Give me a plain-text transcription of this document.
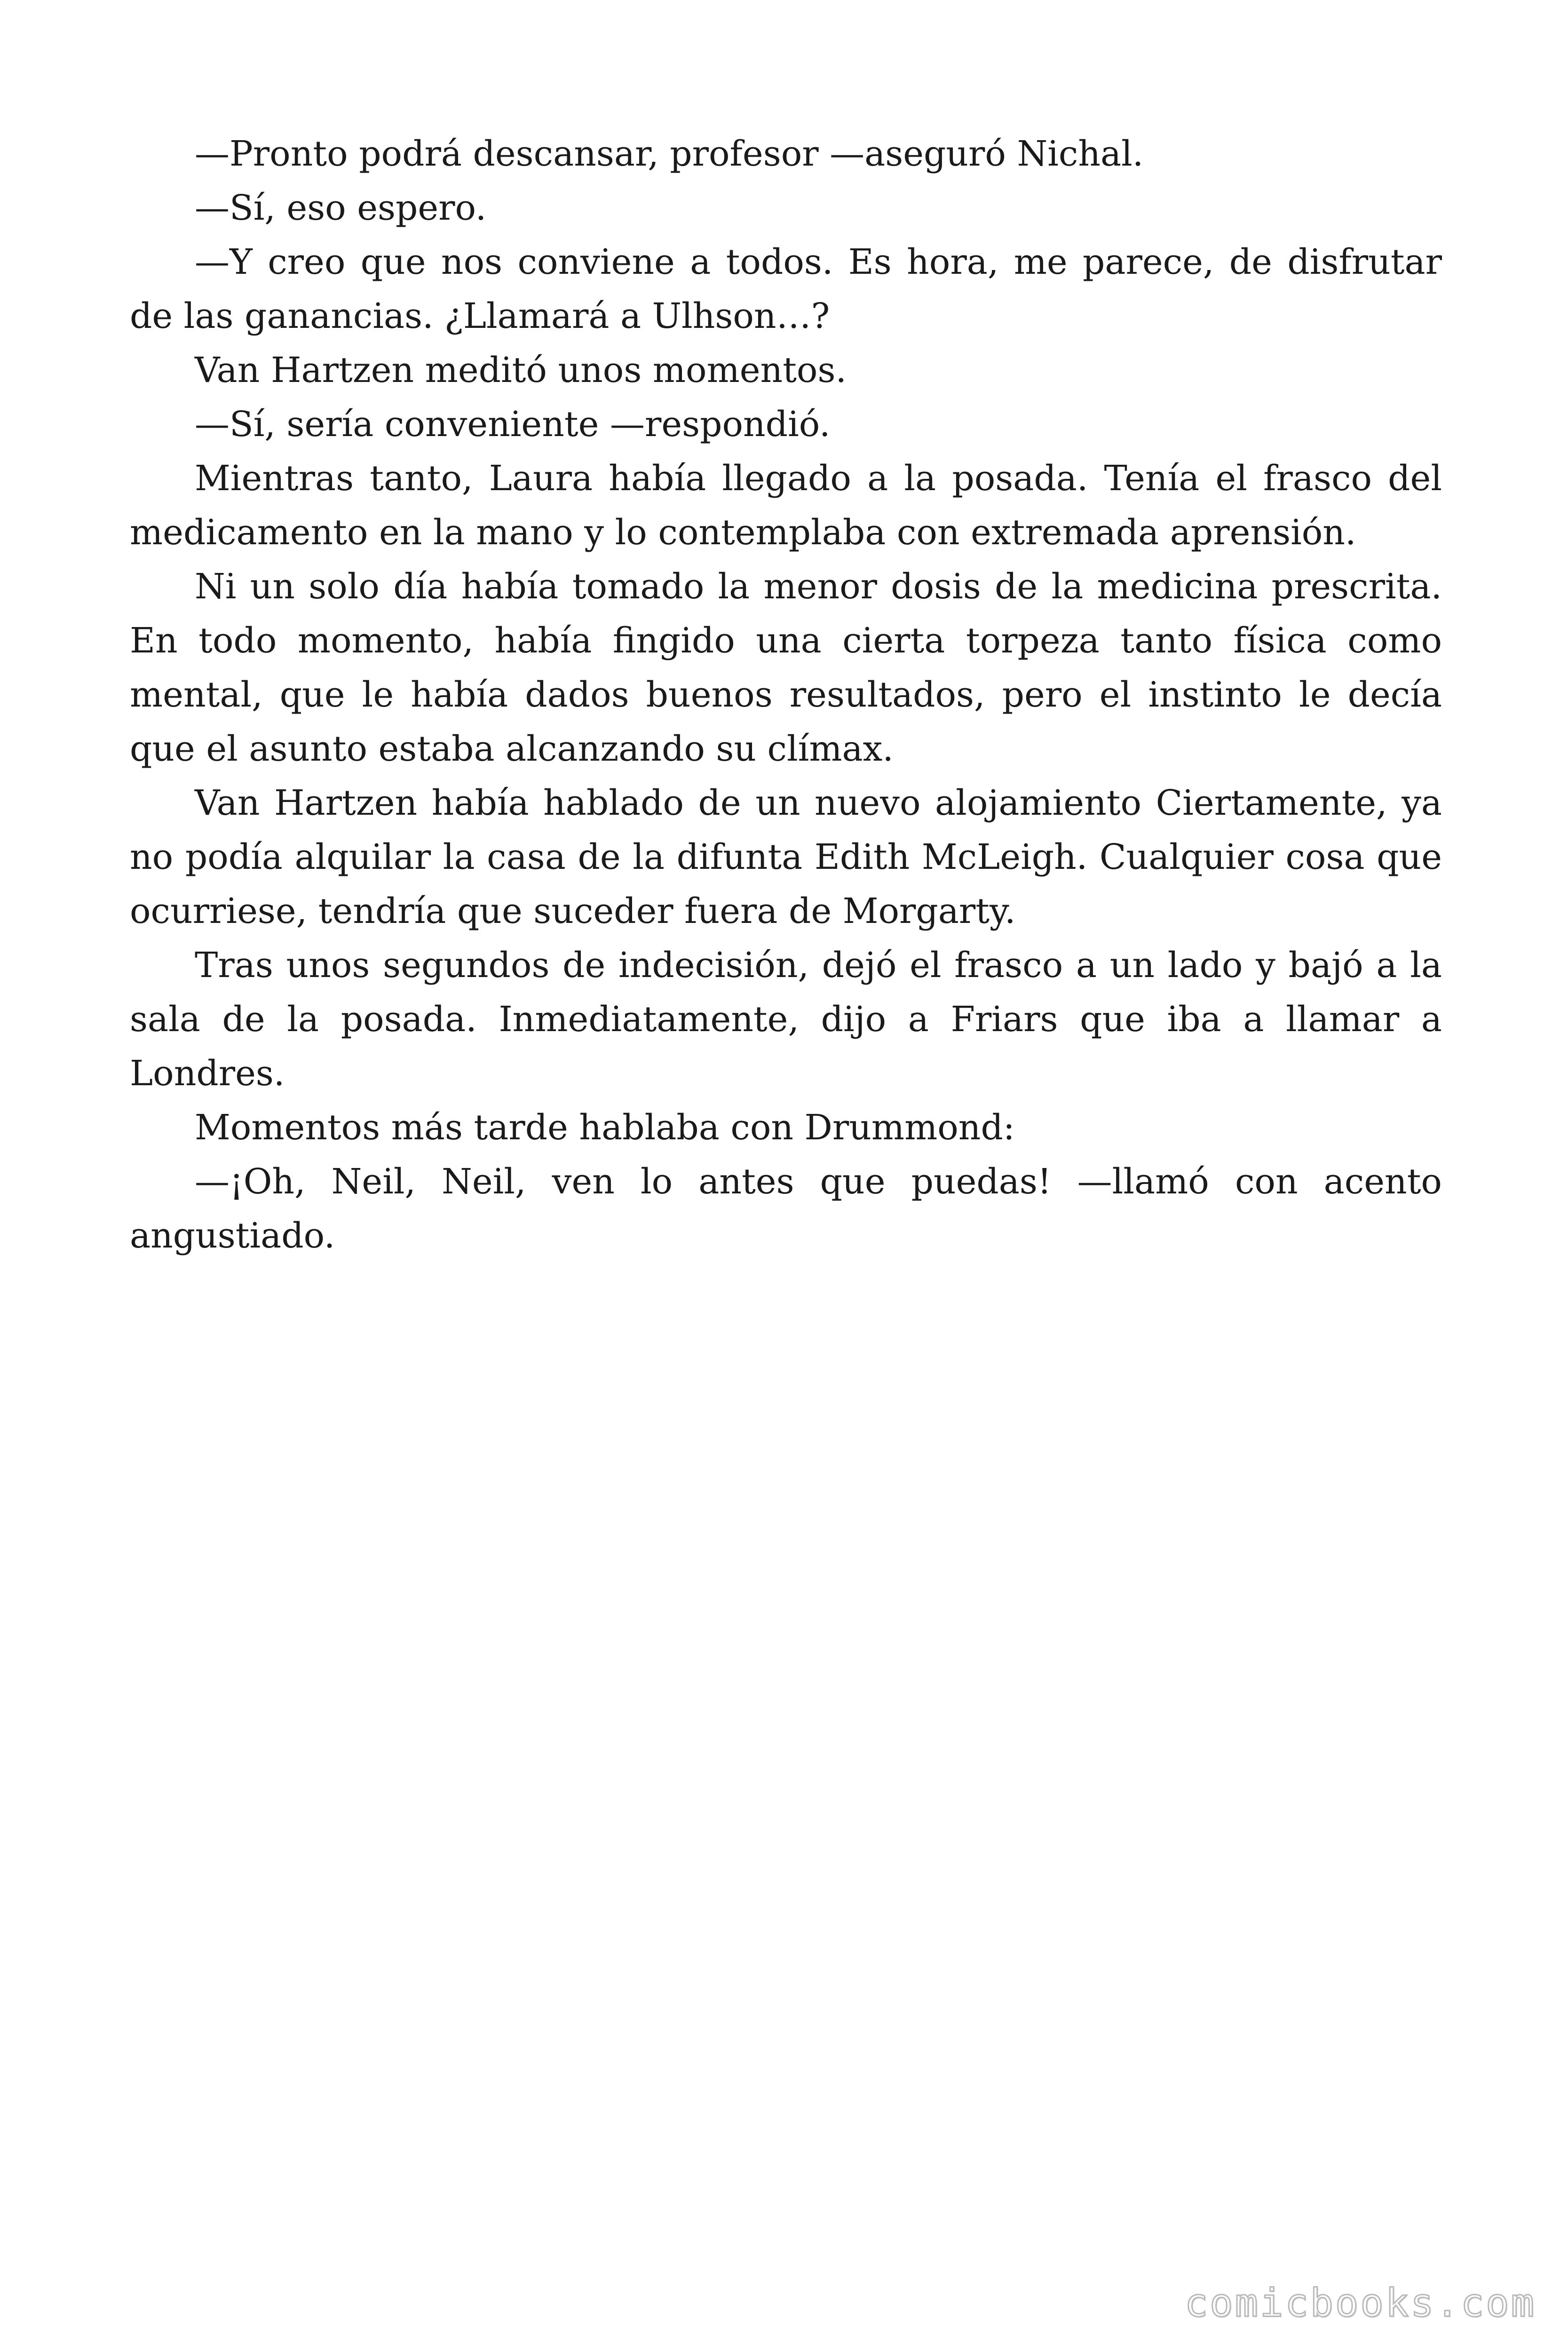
—Pronto podrá descansar, profesor —aseguró Nichal.

—Sí, eso espero.

—Y creo que nos conviene a todos. Es hora, me parece, de disfrutar de las ganancias. ¿Llamará a Ulhson…?

Van Hartzen meditó unos momentos.

—Sí, sería conveniente —respondió.

Mientras tanto, Laura había llegado a la posada. Tenía el frasco del medicamento en la mano y lo contemplaba con extremada aprensión.

Ni un solo día había tomado la menor dosis de la medicina prescrita. En todo momento, había fingido una cierta torpeza tanto física como mental, que le había dados buenos resultados, pero el instinto le decía que el asunto estaba alcanzando su clímax.

Van Hartzen había hablado de un nuevo alojamiento Ciertamente, ya no podía alquilar la casa de la difunta Edith McLeigh. Cualquier cosa que ocurriese, tendría que suceder fuera de Morgarty.

Tras unos segundos de indecisión, dejó el frasco a un lado y bajó a la sala de la posada. Inmediatamente, dijo a Friars que iba a llamar a Londres.

Momentos más tarde hablaba con Drummond:

—¡Oh, Neil, Neil, ven lo antes que puedas! —llamó con acento angustiado.

comicbooks.com
